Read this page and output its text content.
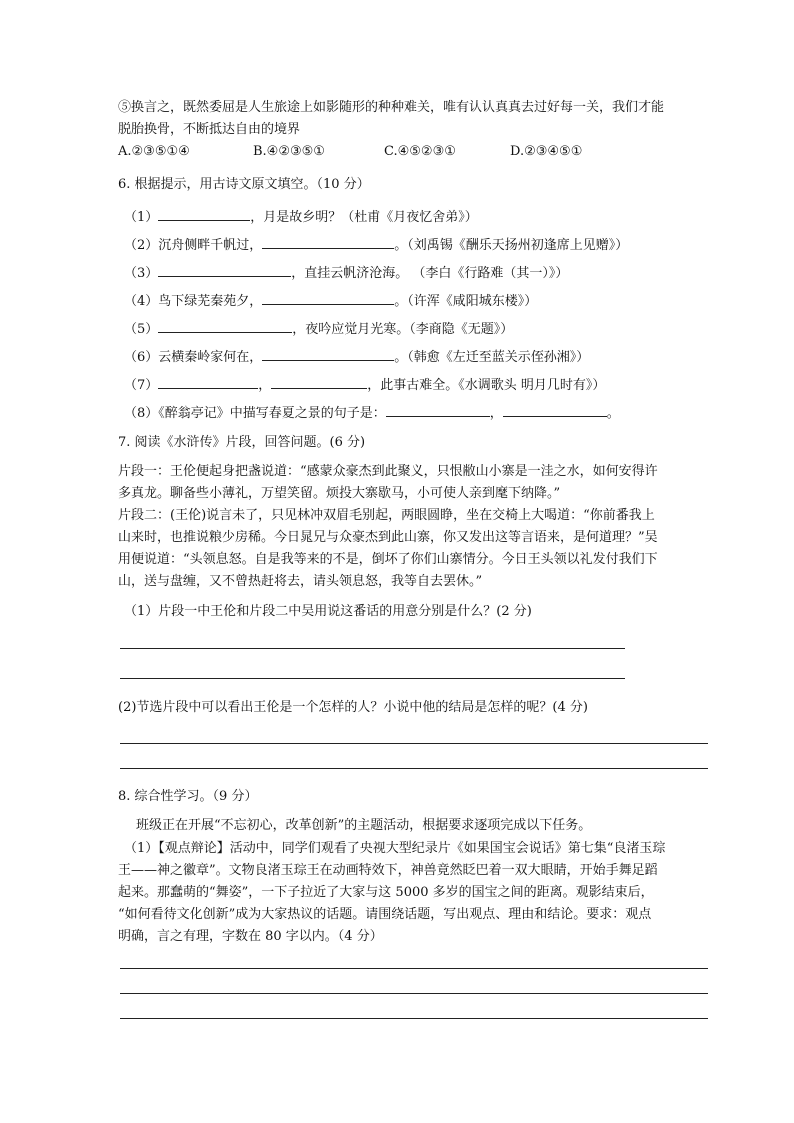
⑤换言之，既然委屈是人生旅途上如影随形的种种难关，唯有认认真真去过好每一关，我们才能
脱胎换骨，不断抵达自由的境界
A.②③⑤①④	B.④②③⑤①	C.④⑤②③①	D.②③④⑤①
6. 根据提示，用古诗文原文填空。（10 分）
（1）	，月是故乡明？（杜甫《月夜忆舍弟》）
（2）沉舟侧畔千帆过，	。（刘禹锡《酬乐天扬州初逢席上见赠》）
（3）	，直挂云帆济沧海。 （李白《行路难（其一）》）
（4）鸟下绿芜秦苑夕，	。（许浑《咸阳城东楼》）
（5）	，夜吟应觉月光寒。（李商隐《无题》）
（6）云横秦岭家何在，	。（韩愈《左迁至蓝关示侄孙湘》）
（7）	，	，此事古难全。《水调歌头 明月几时有》）
（8）《醉翁亭记》中描写春夏之景的句子是：	，	。
7. 阅读《水浒传》片段，回答问题。(6 分)
片段一：王伦便起身把盏说道：“感蒙众豪杰到此聚义，只恨敝山小寨是一洼之水，如何安得许
多真龙。聊备些小薄礼，万望笑留。烦投大寨歇马，小可使人亲到麾下纳降。”
片段二：(王伦)说言未了，只见林冲双眉毛别起，两眼圆睁，坐在交椅上大喝道：“你前番我上
山来时，也推说粮少房稀。今日晁兄与众豪杰到此山寨，你又发出这等言语来，是何道理？”吴
用便说道：“头领息怒。自是我等来的不是，倒坏了你们山寨情分。今日王头领以礼发付我们下
山，送与盘缠，又不曾热赶将去，请头领息怒，我等自去罢休。”
（1）片段一中王伦和片段二中吴用说这番话的用意分别是什么？(2 分)
(2)节选片段中可以看出王伦是一个怎样的人？小说中他的结局是怎样的呢？(4 分)
8. 综合性学习。（9 分）
班级正在开展“不忘初心，改革创新”的主题活动，根据要求逐项完成以下任务。
（1）【观点辩论】活动中，同学们观看了央视大型纪录片《如果国宝会说话》第七集“良渚玉琮
王——神之徽章”。文物良渚玉琮王在动画特效下，神兽竟然眨巴着一双大眼睛，开始手舞足蹈
起来。那蠢萌的“舞姿”，一下子拉近了大家与这 5000 多岁的国宝之间的距离。观影结束后，
“如何看待文化创新”成为大家热议的话题。请围绕话题，写出观点、理由和结论。要求：观点
明确，言之有理，字数在 80 字以内。（4 分）
